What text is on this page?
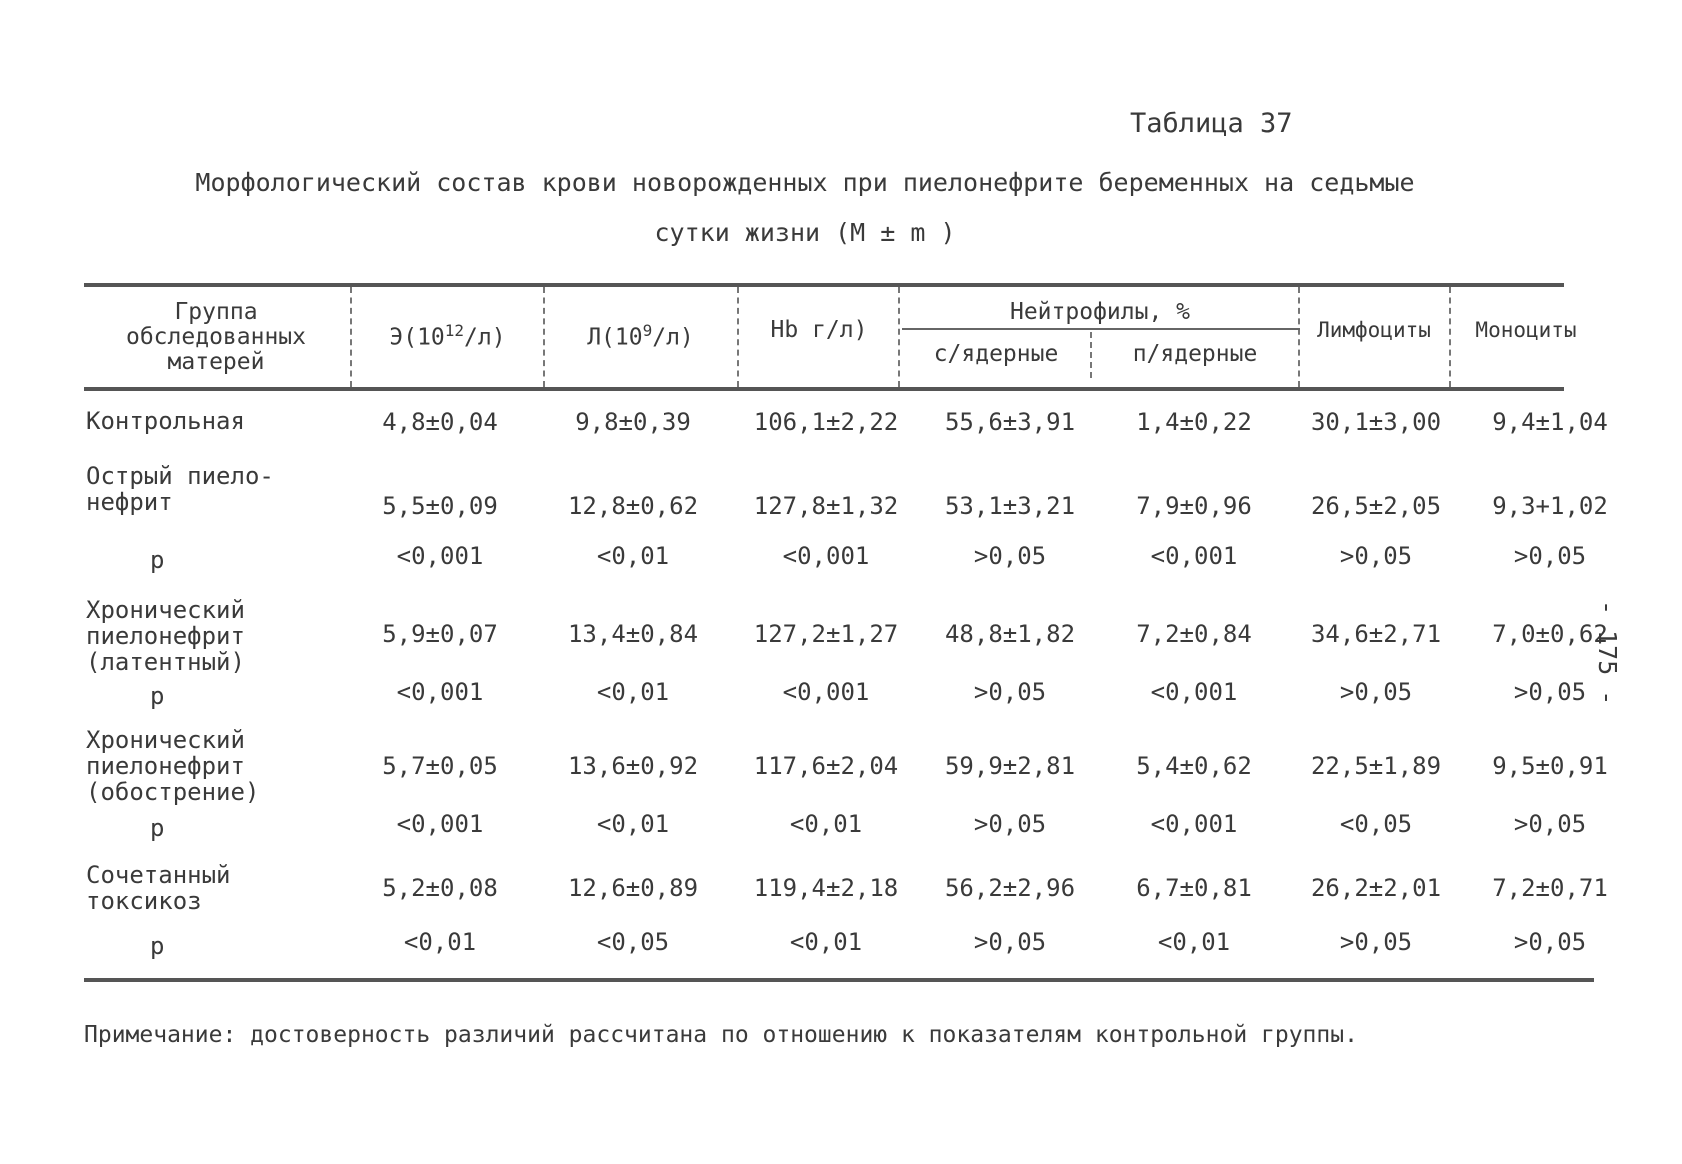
Таблица 37
Морфологический состав крови новорожденных при пиелонефрите беременных на седьмые
сутки жизни (М ± m )
Группа обследованных матерей
$Э(10^{12}/л)$	$Л(10^9/л)$	Hb г/л)
Нейтрофилы, %
с/ядерные	п/ядерные
Лимфоциты	Моноциты
Контрольная	4,8±0,04	9,8±0,39	106,1±2,22	55,6±3,91	1,4±0,22	30,1±3,00	9,4±1,04
Острый пиело-
нефрит	5,5±0,09	12,8±0,62	127,8±1,32	53,1±3,21	7,9±0,96	26,5±2,05	9,3+1,02
р	<0,001	<0,01	<0,001	>0,05	<0,001	>0,05	>0,05
Хронический
пиелонефрит
(латентный)
5,9±0,07	13,4±0,84	127,2±1,27	48,8±1,82	7,2±0,84	34,6±2,71	7,0±0,62
р	<0,001	<0,01	<0,001	>0,05	<0,001	>0,05	>0,05
Хронический
пиелонефрит
(обострение)
5,7±0,05	13,6±0,92	117,6±2,04	59,9±2,81	5,4±0,62	22,5±1,89	9,5±0,91
р	<0,001	<0,01	<0,01	>0,05	<0,001	<0,05	>0,05
Сочетанный
токсикоз	5,2±0,08	12,6±0,89	119,4±2,18	56,2±2,96	6,7±0,81	26,2±2,01	7,2±0,71
р	<0,01	<0,05	<0,01	>0,05	<0,01	>0,05	>0,05
Примечание: достоверность различий рассчитана по отношению к показателям контрольной группы.
- 175 -
